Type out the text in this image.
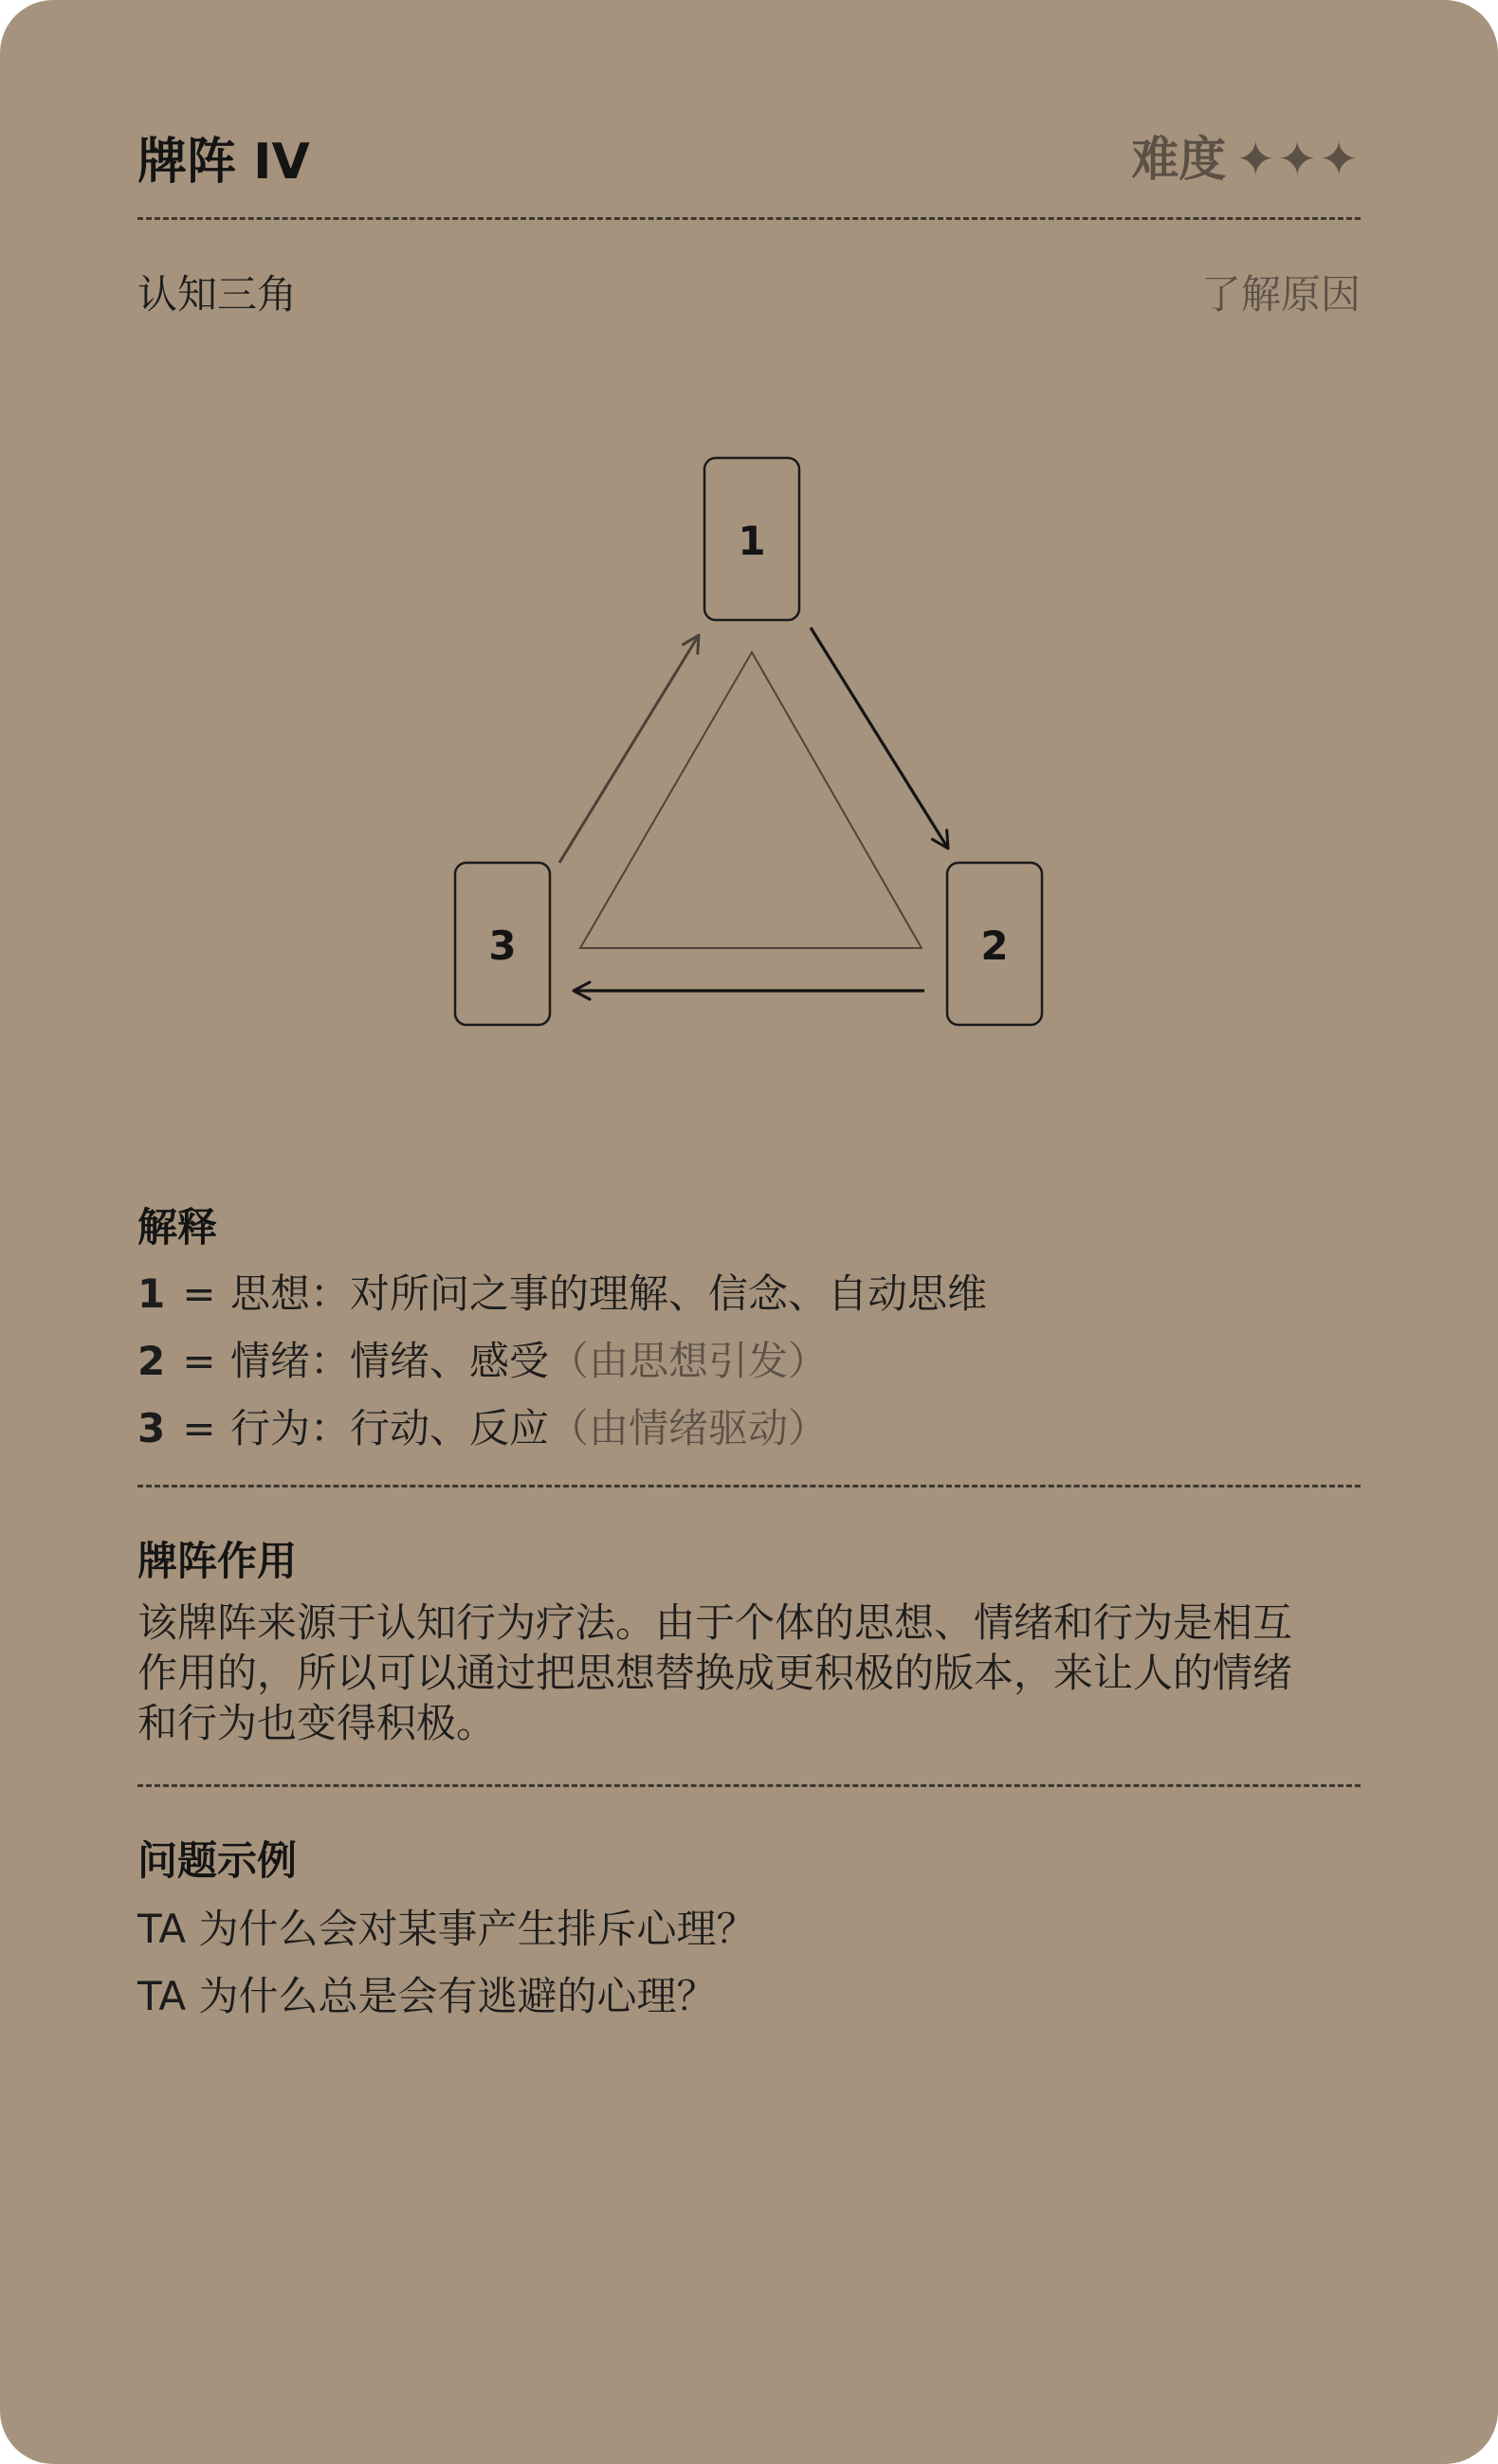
牌阵 IV	难度 ✦✦✦
认知三角	了解原因
1
2
3
解释
1 = 思想：对所问之事的理解、信念、自动思维
2 = 情绪：情绪、感受（由思想引发）
3 = 行为：行动、反应（由情绪驱动）
牌阵作用
该牌阵来源于认知行为疗法。由于个体的思想、情绪和行为是相互
作用的，所以可以通过把思想替换成更积极的版本，来让人的情绪
和行为也变得积极。
问题示例
TA 为什么会对某事产生排斥心理？
TA 为什么总是会有逃避的心理？
